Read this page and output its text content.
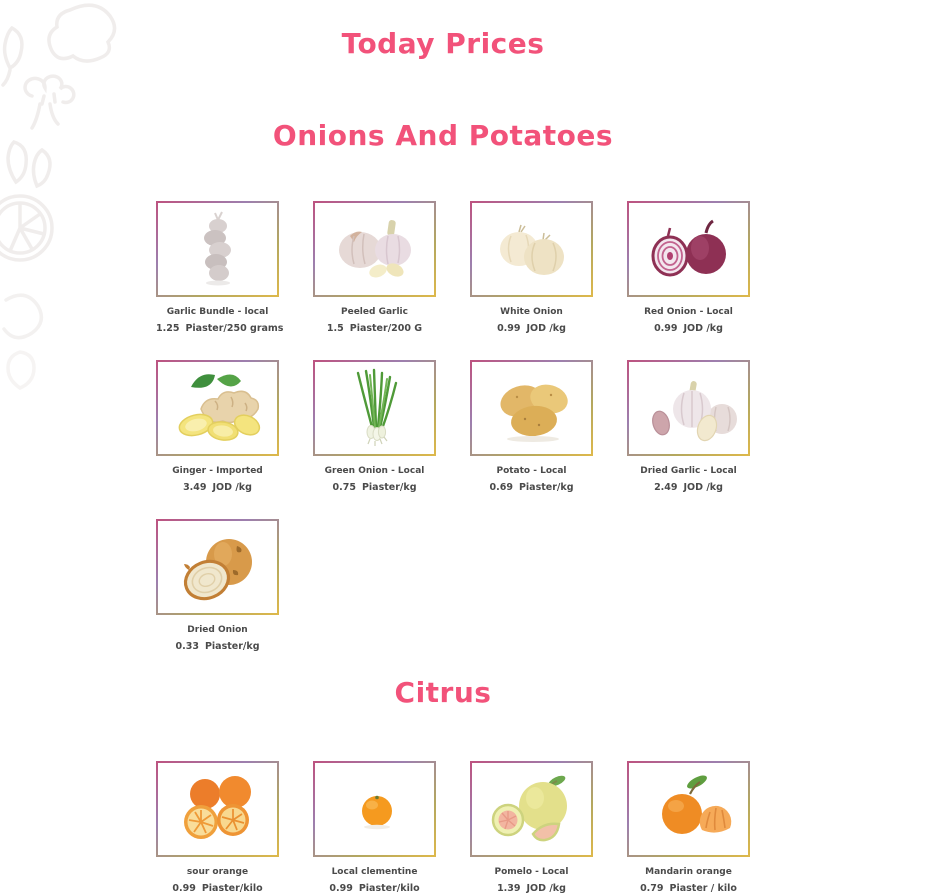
Today Prices
Onions And Potatoes
Garlic Bundle - local
1.25 Piaster/250 grams
Peeled Garlic
1.5 Piaster/200 G
White Onion
0.99 JOD /kg
Red Onion - Local
0.99 JOD /kg
Ginger - Imported
3.49 JOD /kg
Green Onion - Local
0.75 Piaster/kg
Potato - Local
0.69 Piaster/kg
Dried Garlic - Local
2.49 JOD /kg
Dried Onion
0.33 Piaster/kg
Citrus
sour orange
0.99 Piaster/kilo
Local clementine
0.99 Piaster/kilo
Pomelo - Local
1.39 JOD /kg
Mandarin orange
0.79 Piaster / kilo
